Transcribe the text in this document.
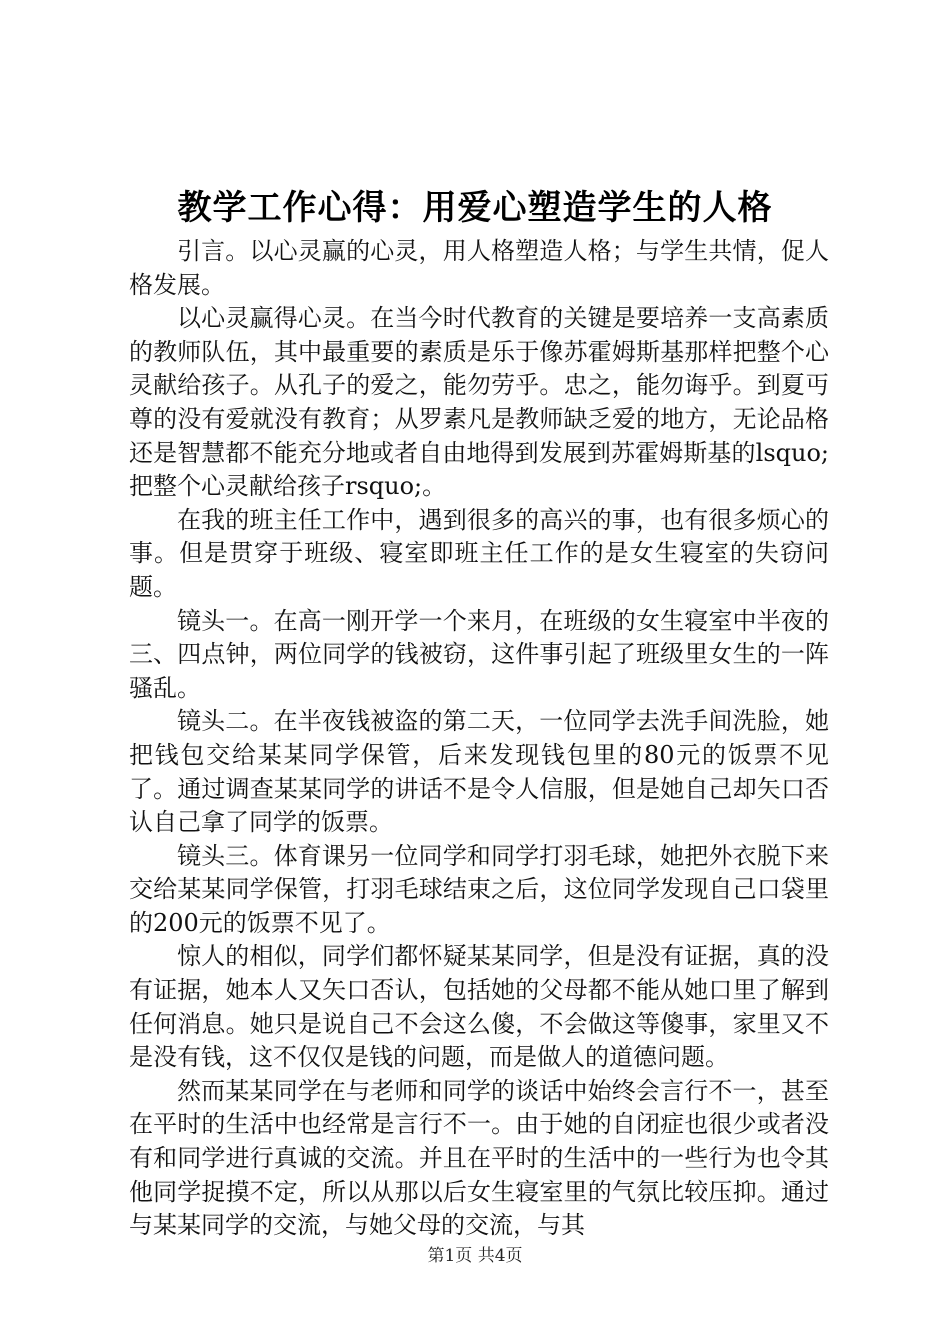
教学工作心得：用爱心塑造学生的人格

引言。以心灵赢的心灵，用人格塑造人格；与学生共情，促人格发展。

以心灵赢得心灵。在当今时代教育的关键是要培养一支高素质的教师队伍，其中最重要的素质是乐于像苏霍姆斯基那样把整个心灵献给孩子。从孔子的爱之，能勿劳乎。忠之，能勿诲乎。到夏丏尊的没有爱就没有教育；从罗素凡是教师缺乏爱的地方，无论品格还是智慧都不能充分地或者自由地得到发展到苏霍姆斯基的lsquo;把整个心灵献给孩子rsquo;。

在我的班主任工作中，遇到很多的高兴的事，也有很多烦心的事。但是贯穿于班级、寝室即班主任工作的是女生寝室的失窃问题。

镜头一。在高一刚开学一个来月，在班级的女生寝室中半夜的三、四点钟，两位同学的钱被窃，这件事引起了班级里女生的一阵骚乱。

镜头二。在半夜钱被盗的第二天，一位同学去洗手间洗脸，她把钱包交给某某同学保管，后来发现钱包里的80元的饭票不见了。通过调查某某同学的讲话不是令人信服，但是她自己却矢口否认自己拿了同学的饭票。

镜头三。体育课另一位同学和同学打羽毛球，她把外衣脱下来交给某某同学保管，打羽毛球结束之后，这位同学发现自己口袋里的200元的饭票不见了。

惊人的相似，同学们都怀疑某某同学，但是没有证据，真的没有证据，她本人又矢口否认，包括她的父母都不能从她口里了解到任何消息。她只是说自己不会这么傻，不会做这等傻事，家里又不是没有钱，这不仅仅是钱的问题，而是做人的道德问题。

然而某某同学在与老师和同学的谈话中始终会言行不一，甚至在平时的生活中也经常是言行不一。由于她的自闭症也很少或者没有和同学进行真诚的交流。并且在平时的生活中的一些行为也令其他同学捉摸不定，所以从那以后女生寝室里的气氛比较压抑。通过与某某同学的交流，与她父母的交流，与其

第1页 共4页
